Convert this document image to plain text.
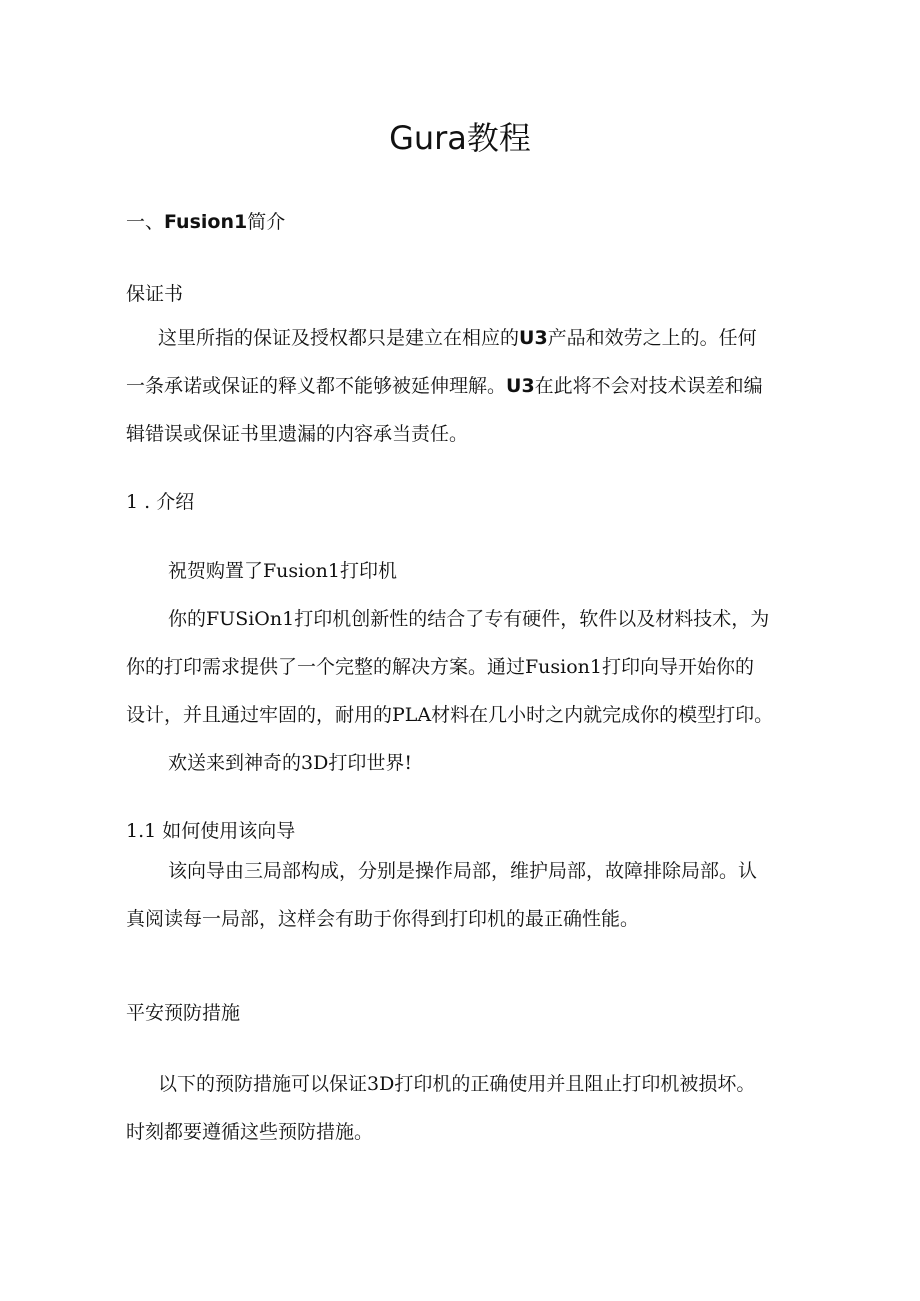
Gura教程
一、Fusion1简介
保证书
这里所指的保证及授权都只是建立在相应的U3产品和效劳之上的。任何
一条承诺或保证的释义都不能够被延伸理解。U3在此将不会对技术误差和编
辑错误或保证书里遗漏的内容承当责任。
1 . 介绍
祝贺购置了Fusion1打印机
你的FUSiOn1打印机创新性的结合了专有硬件，软件以及材料技术，为
你的打印需求提供了一个完整的解决方案。通过Fusion1打印向导开始你的
设计，并且通过牢固的，耐用的PLA材料在几小时之内就完成你的模型打印。
欢送来到神奇的3D打印世界!
1.1 如何使用该向导
该向导由三局部构成，分别是操作局部，维护局部，故障排除局部。认
真阅读每一局部，这样会有助于你得到打印机的最正确性能。
平安预防措施
以下的预防措施可以保证3D打印机的正确使用并且阻止打印机被损坏。
时刻都要遵循这些预防措施。
